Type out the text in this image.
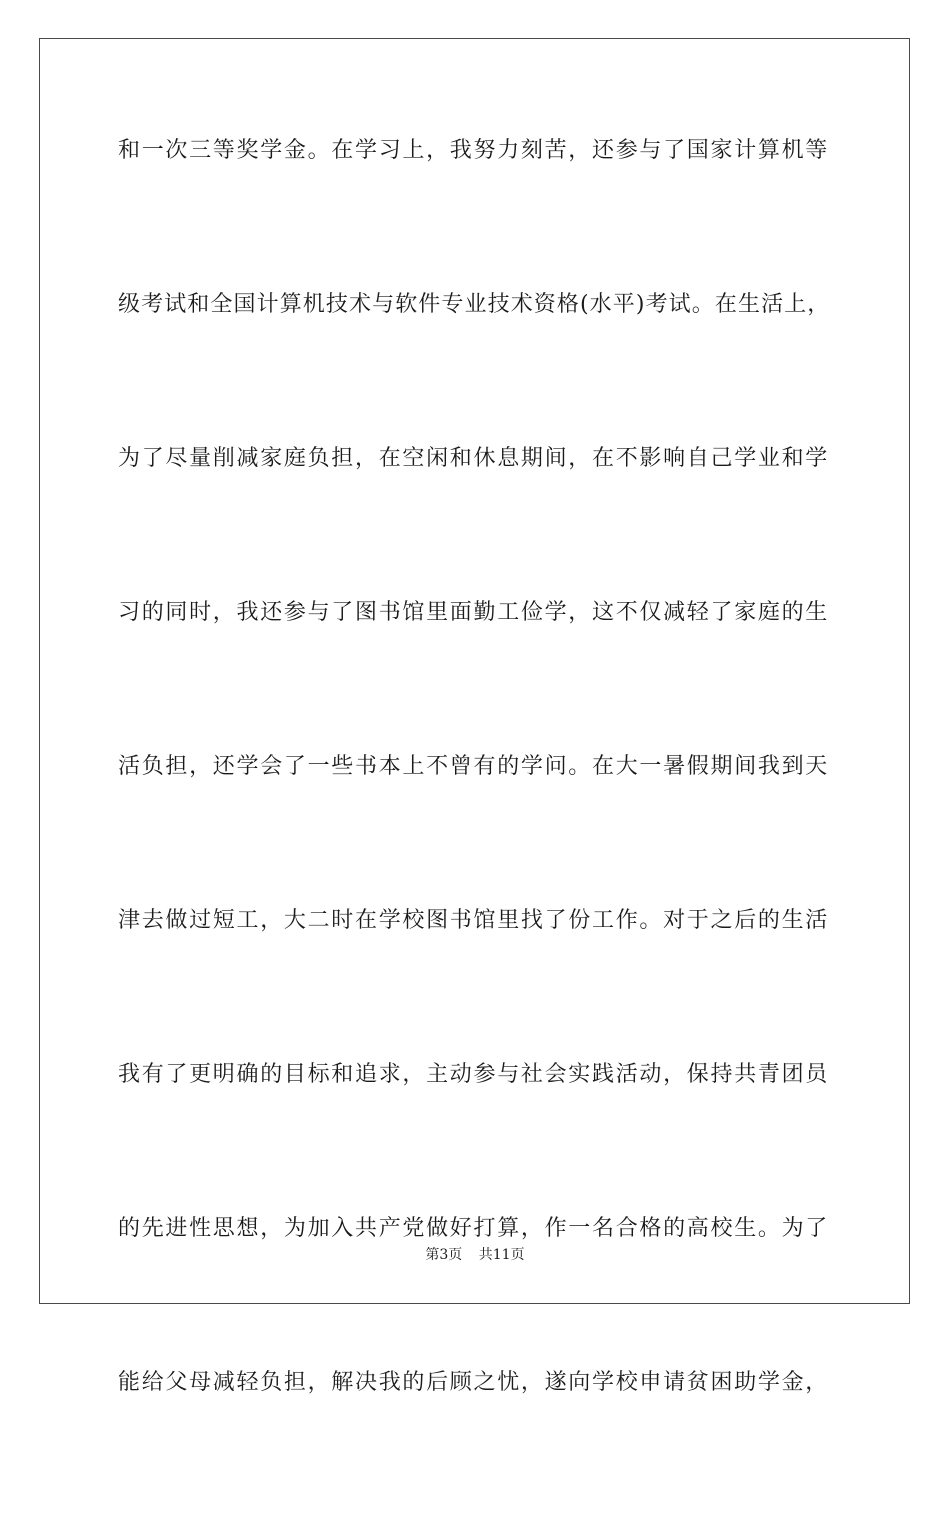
和一次三等奖学金。在学习上，我努力刻苦，还参与了国家计算机等

级考试和全国计算机技术与软件专业技术资格(水平)考试。在生活上，

为了尽量削减家庭负担，在空闲和休息期间，在不影响自己学业和学

习的同时，我还参与了图书馆里面勤工俭学，这不仅减轻了家庭的生

活负担，还学会了一些书本上不曾有的学问。在大一暑假期间我到天

津去做过短工，大二时在学校图书馆里找了份工作。对于之后的生活

我有了更明确的目标和追求，主动参与社会实践活动，保持共青团员

的先进性思想，为加入共产党做好打算，作一名合格的高校生。为了

能给父母减轻负担，解决我的后顾之忧，遂向学校申请贫困助学金，

第3页 共11页
